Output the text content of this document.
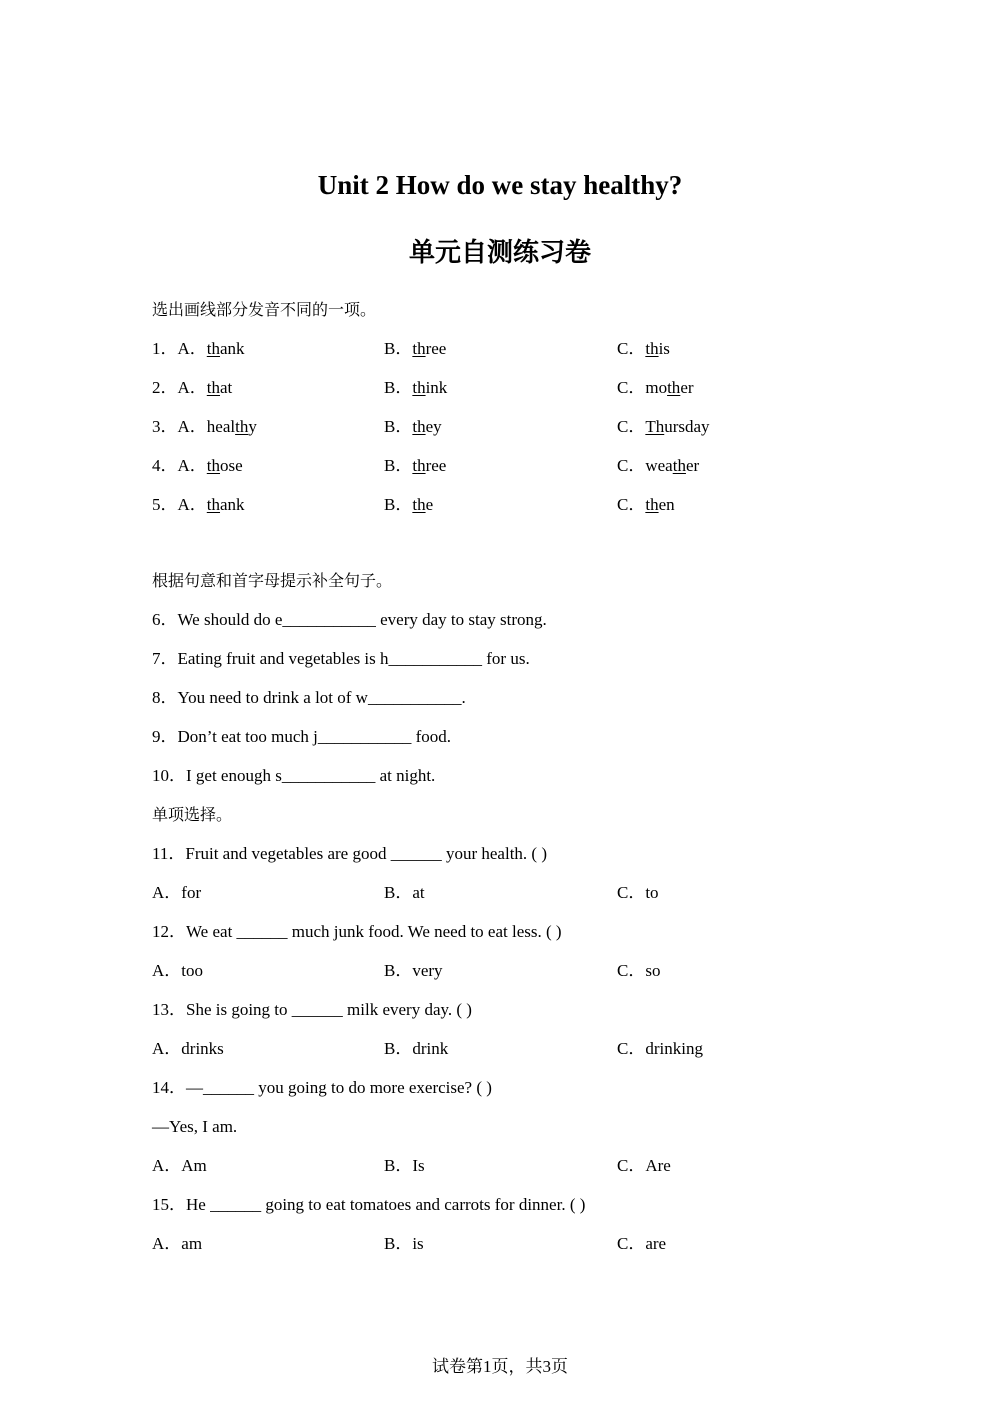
Unit 2 How do we stay healthy?
单元自测练习卷
选出画线部分发音不同的一项。
1．A．thank	B．three	C．this
2．A．that	B．think	C．mother
3．A．healthy	B．they	C．Thursday
4．A．those	B．three	C．weather
5．A．thank	B．the	C．then
根据句意和首字母提示补全句子。
6．We should do e___________ every day to stay strong.
7．Eating fruit and vegetables is h___________ for us.
8．You need to drink a lot of w___________.
9．Don’t eat too much j___________ food.
10．I get enough s___________ at night.
单项选择。
11．Fruit and vegetables are good ______ your health. ( )
A．for	B．at	C．to
12．We eat ______ much junk food. We need to eat less. ( )
A．too	B．very	C．so
13．She is going to ______ milk every day. ( )
A．drinks	B．drink	C．drinking
14．—______ you going to do more exercise? ( )
—Yes, I am.
A．Am	B．Is	C．Are
15．He ______ going to eat tomatoes and carrots for dinner. ( )
A．am	B．is	C．are
试卷第1页，共3页
